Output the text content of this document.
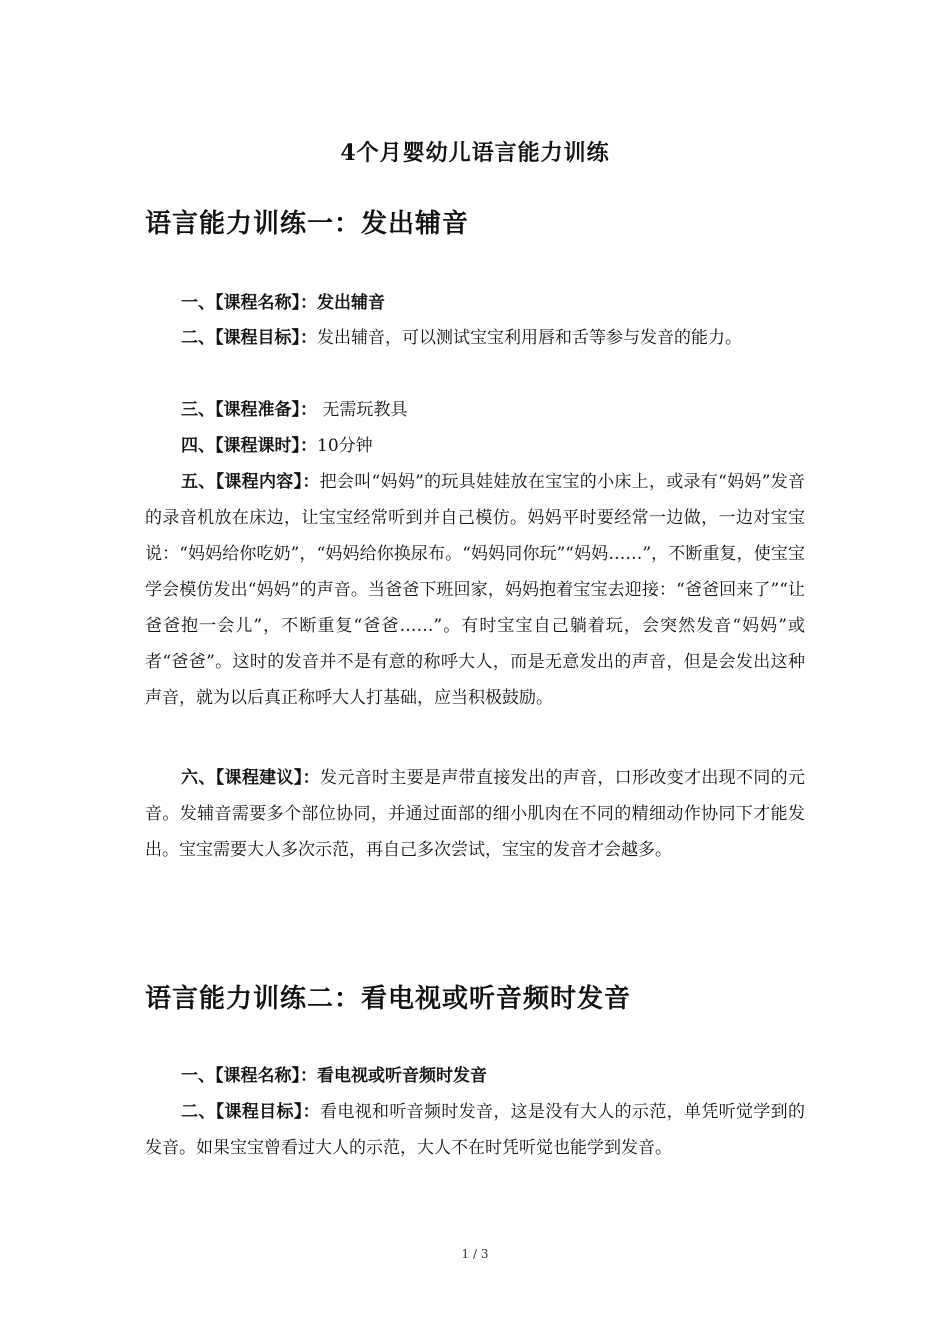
4个月婴幼儿语言能力训练
语言能力训练一：发出辅音

一、【课程名称】：发出辅音

二、【课程目标】：发出辅音，可以测试宝宝利用唇和舌等参与发音的能力。

三、【课程准备】： 无需玩教具

四、【课程课时】：10分钟

五、【课程内容】：把会叫“妈妈”的玩具娃娃放在宝宝的小床上，或录有“妈妈”发音的录音机放在床边，让宝宝经常听到并自己模仿。妈妈平时要经常一边做，一边对宝宝说：“妈妈给你吃奶”，“妈妈给你换尿布。“妈妈同你玩”“妈妈……”，不断重复，使宝宝学会模仿发出“妈妈”的声音。当爸爸下班回家，妈妈抱着宝宝去迎接：“爸爸回来了”“让爸爸抱一会儿”，不断重复“爸爸……”。有时宝宝自己躺着玩，会突然发音“妈妈”或者“爸爸”。这时的发音并不是有意的称呼大人，而是无意发出的声音，但是会发出这种声音，就为以后真正称呼大人打基础，应当积极鼓励。

六、【课程建议】：发元音时主要是声带直接发出的声音，口形改变才出现不同的元音。发辅音需要多个部位协同，并通过面部的细小肌肉在不同的精细动作协同下才能发出。宝宝需要大人多次示范，再自己多次尝试，宝宝的发音才会越多。

语言能力训练二：看电视或听音频时发音

一、【课程名称】：看电视或听音频时发音

二、【课程目标】：看电视和听音频时发音，这是没有大人的示范，单凭听觉学到的发音。如果宝宝曾看过大人的示范，大人不在时凭听觉也能学到发音。

1 / 3
